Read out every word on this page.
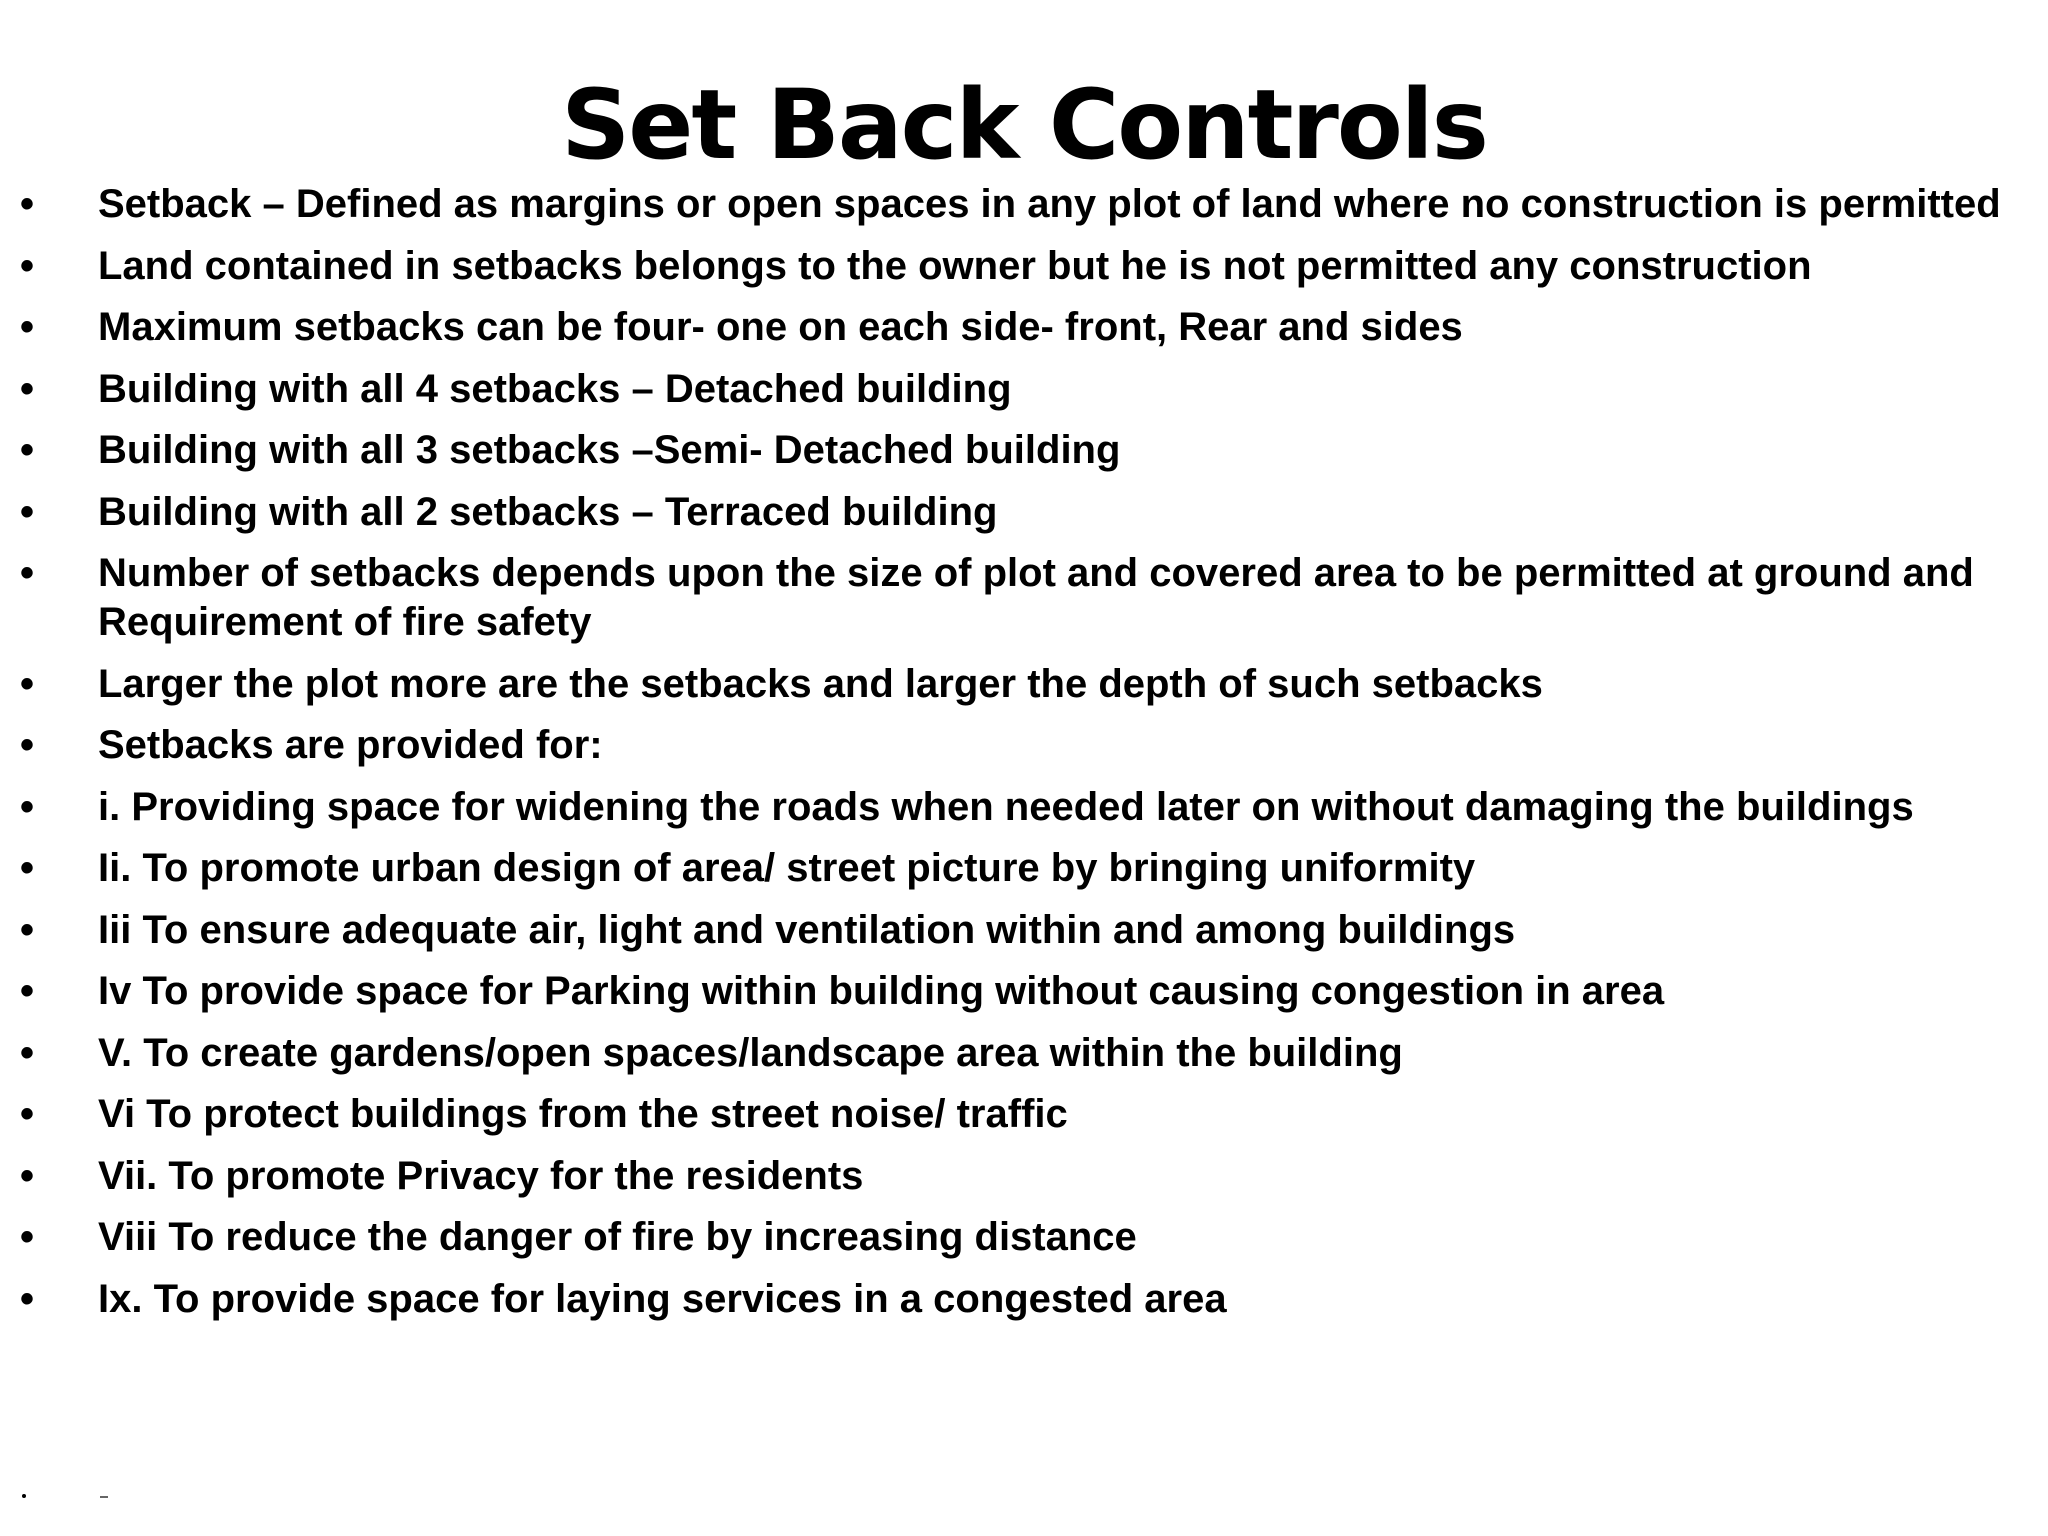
Set Back Controls
• Setback – Defined as margins or open spaces in any plot of land where no construction is permitted
• Land contained in setbacks belongs to the owner but he is not permitted any construction
• Maximum setbacks can be four- one on each side- front, Rear and sides
• Building with all 4 setbacks – Detached building
• Building with all 3 setbacks –Semi- Detached building
• Building with all 2 setbacks – Terraced building
• Number of setbacks depends upon the size of plot and covered area to be permitted at ground and Requirement of fire safety
• Larger the plot more are the setbacks and larger the depth of such setbacks
• Setbacks are provided for:
• i. Providing space for widening the roads when needed later on without damaging the buildings
• Ii. To promote urban design of area/ street picture by bringing uniformity
• Iii To ensure adequate air, light and ventilation within and among buildings
• Iv To provide space for Parking within building without causing congestion in area
• V. To create gardens/open spaces/landscape area within the building
• Vi To protect buildings from the street noise/ traffic
• Vii. To promote Privacy for the residents
• Viii To reduce the danger of fire by increasing distance
• Ix. To provide space for laying services in a congested area
